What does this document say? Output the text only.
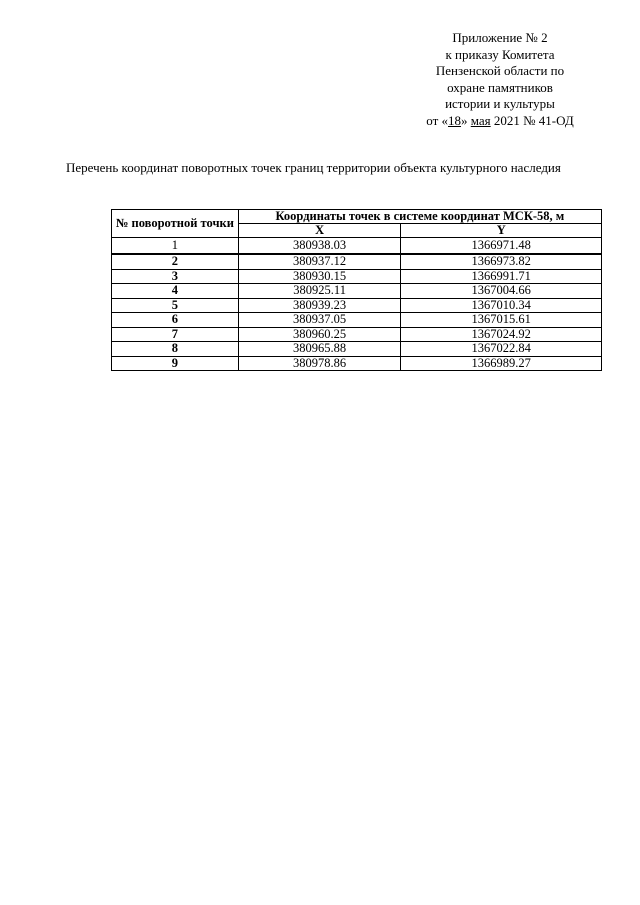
Приложение № 2
к приказу Комитета
Пензенской области по
охране памятников
истории и культуры
от «18» мая 2021 № 41-ОД
Перечень координат поворотных точек границ территории объекта культурного наследия
№ поворотной точки	Координаты точек в системе координат МСК-58, м	
	X	Y
1	380938.03	1366971.48

2	380937.12	1366973.82
3	380930.15	1366991.71
4	380925.11	1367004.66
5	380939.23	1367010.34
6	380937.05	1367015.61
7	380960.25	1367024.92
8	380965.88	1367022.84
9	380978.86	1366989.27
